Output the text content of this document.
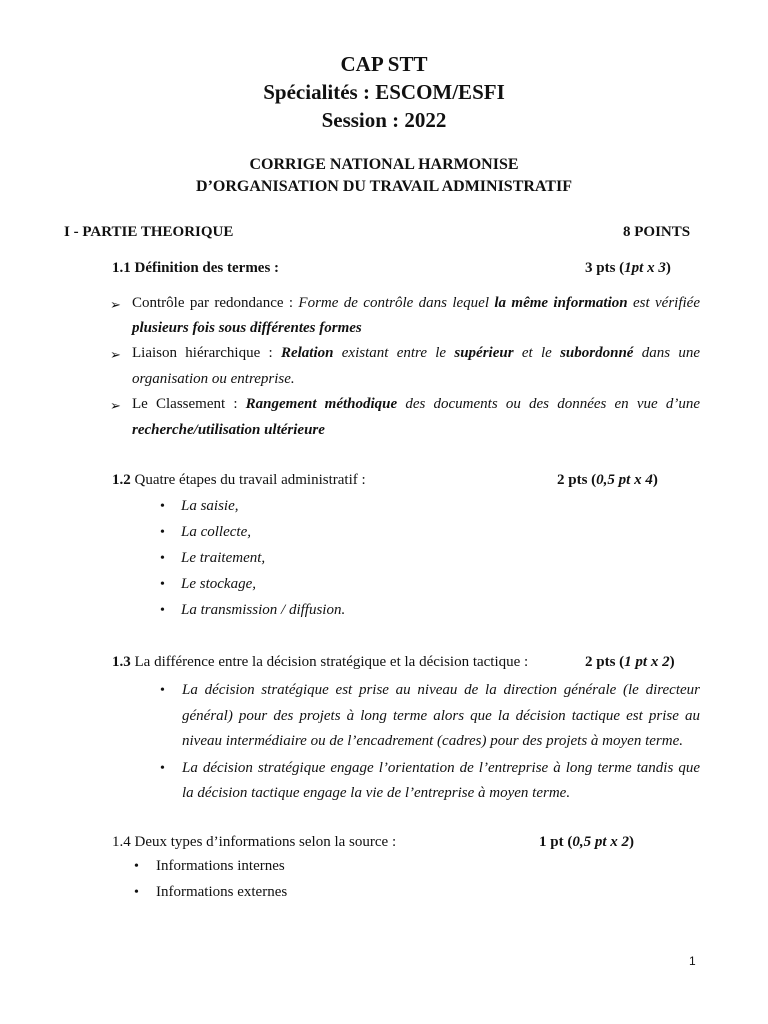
CAP STT
Spécialités : ESCOM/ESFI
Session : 2022
CORRIGE NATIONAL HARMONISE
D’ORGANISATION DU TRAVAIL ADMINISTRATIF
I - PARTIE THEORIQUE	8 POINTS
1.1 Définition des termes :	3 pts (1pt x 3)
➢ Contrôle par redondance : Forme de contrôle dans lequel la même information est vérifiée
plusieurs fois sous différentes formes
➢ Liaison hiérarchique : Relation existant entre le supérieur et le subordonné dans une
organisation ou entreprise.
➢ Le Classement : Rangement méthodique des documents ou des données en vue d’une
recherche/utilisation ultérieure
1.2 Quatre étapes du travail administratif :	2 pts (0,5 pt x 4)
• La saisie,
• La collecte,
• Le traitement,
• Le stockage,
• La transmission / diffusion.
1.3 La différence entre la décision stratégique et la décision tactique :	2 pts (1 pt x 2)
• La décision stratégique est prise au niveau de la direction générale (le directeur
général) pour des projets à long terme alors que la décision tactique est prise au
niveau intermédiaire ou de l’encadrement (cadres) pour des projets à moyen terme.
• La décision stratégique engage l’orientation de l’entreprise à long terme tandis que
la décision tactique engage la vie de l’entreprise à moyen terme.
1.4 Deux types d’informations selon la source :	1 pt (0,5 pt x 2)
• Informations internes
• Informations externes
1
